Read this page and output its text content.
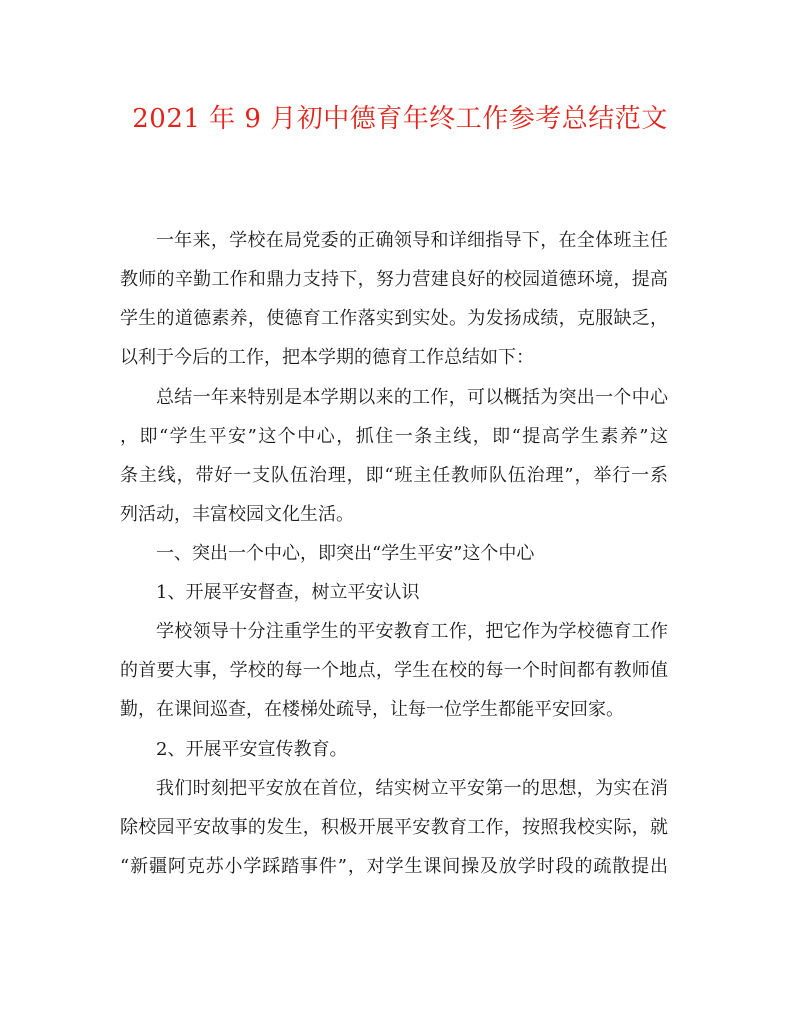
2021 年 9 月初中德育年终工作参考总结范文
一年来，学校在局党委的正确领导和详细指导下，在全体班主任
教师的辛勤工作和鼎力支持下，努力营建良好的校园道德环境，提高
学生的道德素养，使德育工作落实到实处。为发扬成绩，克服缺乏，
以利于今后的工作，把本学期的德育工作总结如下：
总结一年来特别是本学期以来的工作，可以概括为突出一个中心
，即“学生平安”这个中心，抓住一条主线，即“提高学生素养”这
条主线，带好一支队伍治理，即“班主任教师队伍治理”，举行一系
列活动，丰富校园文化生活。
一、突出一个中心，即突出“学生平安”这个中心
1、开展平安督查，树立平安认识
学校领导十分注重学生的平安教育工作，把它作为学校德育工作
的首要大事，学校的每一个地点，学生在校的每一个时间都有教师值
勤，在课间巡查，在楼梯处疏导，让每一位学生都能平安回家。
2、开展平安宣传教育。
我们时刻把平安放在首位，结实树立平安第一的思想，为实在消
除校园平安故事的发生，积极开展平安教育工作，按照我校实际，就
“新疆阿克苏小学踩踏事件”，对学生课间操及放学时段的疏散提出
